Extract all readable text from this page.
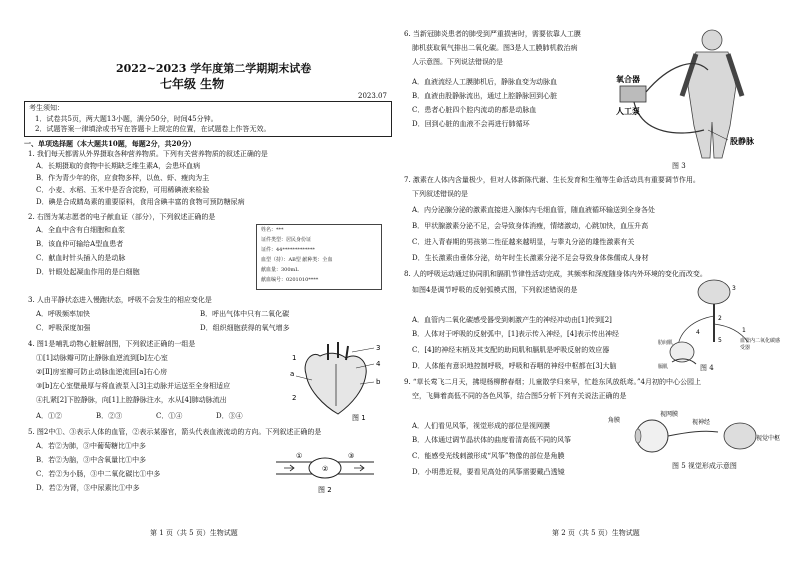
2022~2023 学年度第二学期期末试卷
七年级 生物
2023.07
考生须知：
1．试卷共5页，两大题13小题，满分50分，时间45分钟。
2．试题答案一律填涂或书写在答题卡上规定的位置，在试题卷上作答无效。
一、单项选择题（本大题共10题，每题2分，共20分）
1. 我们每天都需从外界摄取各种营养物质。下列有关营养物质的叙述正确的是
A．长期摄取的食物中长期缺乏维生素A，会患坏血病
B．作为青少年的你，应食物多样，以鱼、虾、瘦肉为主
C．小麦、水稻、玉米中是否含淀粉，可用稀碘液来检验
D．碘是合成睛岛素的重要原料，食用含碘丰富的食物可预防糖尿病
2. 右图为某志愿者的电子献血证（部分），下列叙述正确的是
A．全血中含有白细胞和血浆
B．该血仲可输给A型血患者
C．献血时针头插入的是动脉
D．针眼处起凝血作用的是白细胞
姓名：***
证件类型：居民身份证
证件：44*************
血型（持）：AB型 献种类：全血
献血量：300mL
献血编号：0201010****
3. 人由平静状态进入慢跑状态，呼吸不会发生的相应变化是
A．呼吸频率加快	B．呼出气体中只有二氧化碳
C．呼吸深度加强	D．组织细胞获得的氧气增多
4. 图1是哺乳动物心脏解剖图，下列叙述正确的一组是
①[1]动脉瓣可防止静脉血逆流到[b]左心室
②[Ⅱ]房室瓣可防止动脉血逆流回[a]右心房
③[b]左心室壁最厚与将血液泵入[3]主动脉并运送至全身相适应
④扎紧[2]下腔静脉，向[1]上腔静脉注水，水从[4]肺动脉流出
A．①②	B．②③	C．①④	D．③④
3
4
b
a
1
2
图 1
5. 图2中①、③表示人体的血管，②表示某器官，箭头代表血液流动的方向。下列叙述正确的是
A．若②为肺，③中葡萄糖比①中多
B．若②为脑，③中含氧量比①中多
C．若②为小肠，③中二氧化碳比①中多
D．若②为肾，③中尿素比①中多
①
②
③
图 2
第 1 页（共 5 页）生物试题
6. 当新冠肺炎患者的肺受到严重损害时，需要依靠人工膜
肺机获取氧气排出二氧化碳。图3是人工膜肺机救治病
人示意图。下列说法错误的是
A．血液流经人工膜肺机后，静脉血变为动脉血
B．血液由股静脉流出，通过上腔静脉回到心脏
C．患者心脏四个腔内流动的都是动脉血
D．回到心脏的血液不会再进行肺循环
氧合器
人工泵
股静脉
图 3
7. 激素在人体内含量极少，但对人体新陈代谢、生长发育和生殖等生命活动具有重要调节作用。
下列叙述错误的是
A．内分泌腺分泌的激素直接进入腺体内毛细血管，随血液循环输送到全身各处
B．甲状腺激素分泌不足，会导致身体消瘦，情绪激动，心跳加快，血压升高
C．进入青春期的男孩第二性征越来越明显，与睾丸分泌的雄性激素有关
D．生长激素由垂体分泌，幼年时生长激素分泌不足会导致身体侏儒成人身材
8. 人的呼吸运动通过协同肌和膈肌节律性活动完成，其频率和深度随身体内外环境的变化而改变。
如图4是调节呼吸的反射弧模式图，下列叙述错误的是
A．血管内二氧化碳感受器受到刺激产生的神经冲动由[1]传到[2]
B．人体对于呼吸的反射弧中，[1]表示传入神经，[4]表示传出神经
C．[4]的神经末梢及其支配的助间肌和膈肌是呼吸反射的效应器
D．人体能有意识地控制呼吸，呼吸和吞咽的神经中枢都在[3]大脑
3
2
4	1
5
肋间肌
膈肌
血管内二氧化碳感受器
图 4
9. “草长莺飞二月天，拂堤杨柳醉春烟；儿童散学归来早，忙趁东风放纸鸢。”4月初的中心公园上
空，飞舞着高低不同的各色风筝，结合图5分析下列有关说法正确的是
A．人们看见风筝，视觉形成的部位是视网膜
B．人体通过调节晶状体的曲度看清高低不同的风筝
C．能感受光线刺激形成“风筝”物像的部位是角膜
D．小明患近视，要看见高处的风筝需要戴凸透镜
角膜
视网膜
视神经
视觉中枢
图 5 视觉形成示意图
第 2 页（共 5 页）生物试题
